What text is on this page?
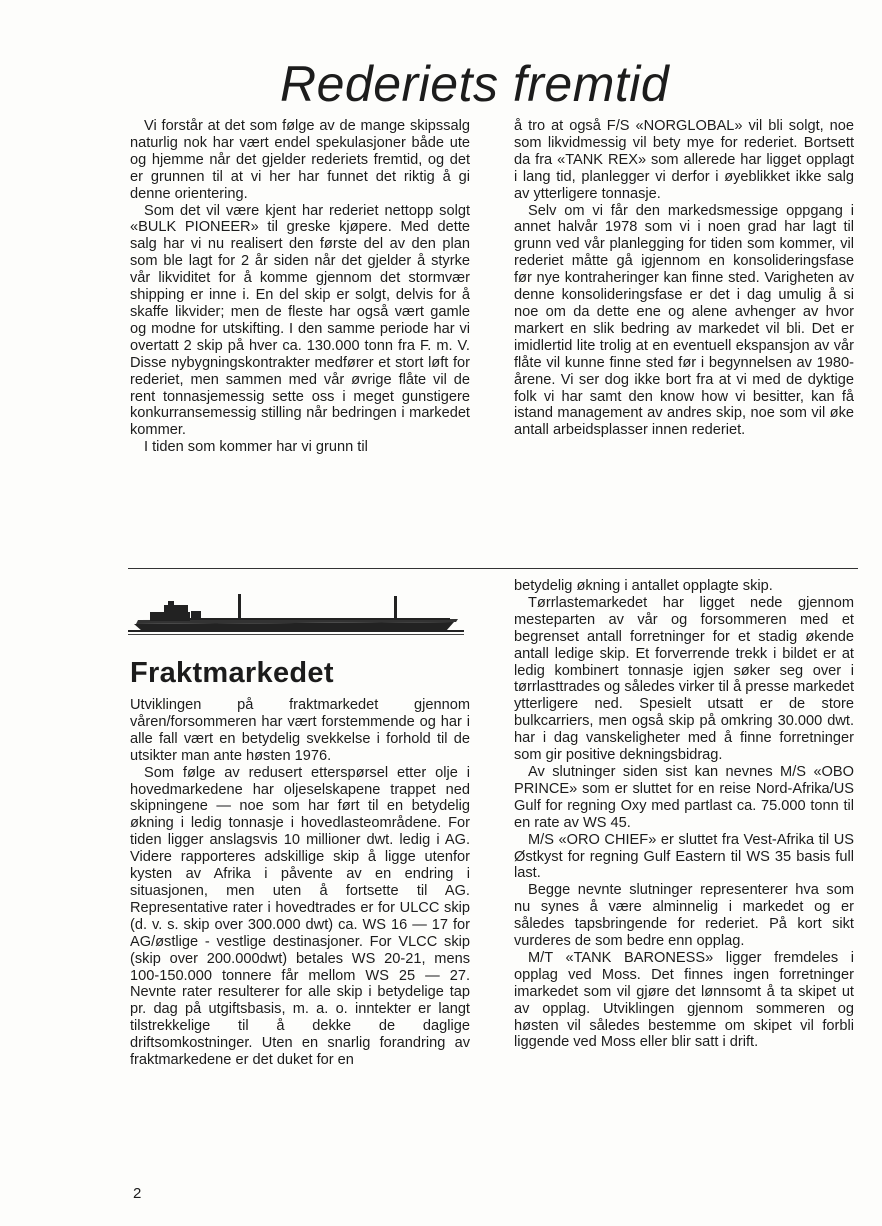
Rederiets fremtid

Vi forstår at det som følge av de mange skipssalg naturlig nok har vært endel spekulasjoner både ute og hjemme når det gjelder rederiets fremtid, og det er grunnen til at vi her har funnet det riktig å gi denne orientering.

Som det vil være kjent har rederiet nettopp solgt «BULK PIONEER» til greske kjøpere. Med dette salg har vi nu realisert den første del av den plan som ble lagt for 2 år siden når det gjelder å styrke vår likviditet for å komme gjennom det stormvær shipping er inne i. En del skip er solgt, delvis for å skaffe likvider; men de fleste har også vært gamle og modne for utskifting. I den samme periode har vi overtatt 2 skip på hver ca. 130.000 tonn fra F. m. V. Disse nybygningskontrakter medfører et stort løft for rederiet, men sammen med vår øvrige flåte vil de rent tonnasjemessig sette oss i meget gunstigere konkurransemessig stilling når bedringen i markedet kommer.

I tiden som kommer har vi grunn til

å tro at også F/S «NORGLOBAL» vil bli solgt, noe som likvidmessig vil bety mye for rederiet. Bortsett da fra «TANK REX» som allerede har ligget opplagt i lang tid, planlegger vi derfor i øyeblikket ikke salg av ytterligere tonnasje.

Selv om vi får den markedsmessige oppgang i annet halvår 1978 som vi i noen grad har lagt til grunn ved vår planlegging for tiden som kommer, vil rederiet måtte gå igjennom en konsolideringsfase før nye kontraheringer kan finne sted. Varigheten av denne konsolideringsfase er det i dag umulig å si noe om da dette ene og alene avhenger av hvor markert en slik bedring av markedet vil bli. Det er imidlertid lite trolig at en eventuell ekspansjon av vår flåte vil kunne finne sted før i begynnelsen av 1980-årene. Vi ser dog ikke bort fra at vi med de dyktige folk vi har samt den know how vi besitter, kan få istand management av andres skip, noe som vil øke antall arbeidsplasser innen rederiet.

Fraktmarkedet

Utviklingen på fraktmarkedet gjennom våren/forsommeren har vært forstemmende og har i alle fall vært en betydelig svekkelse i forhold til de utsikter man ante høsten 1976.

Som følge av redusert etterspørsel etter olje i hovedmarkedene har oljeselskapene trappet ned skipningene — noe som har ført til en betydelig økning i ledig tonnasje i hovedlasteområdene. For tiden ligger anslagsvis 10 millioner dwt. ledig i AG. Videre rapporteres adskillige skip å ligge utenfor kysten av Afrika i påvente av en endring i situasjonen, men uten å fortsette til AG. Representative rater i hovedtrades er for ULCC skip (d. v. s. skip over 300.000 dwt) ca. WS 16 — 17 for AG/østlige - vestlige destinasjoner. For VLCC skip (skip over 200.000dwt) betales WS 20-21, mens 100-150.000 tonnere får mellom WS 25 — 27. Nevnte rater resulterer for alle skip i betydelige tap pr. dag på utgiftsbasis, m. a. o. inntekter er langt tilstrekkelige til å dekke de daglige driftsomkostninger. Uten en snarlig forandring av fraktmarkedene er det duket for en

betydelig økning i antallet opplagte skip.

Tørrlastemarkedet har ligget nede gjennom mesteparten av vår og forsommeren med et begrenset antall forretninger for et stadig økende antall ledige skip. Et forverrende trekk i bildet er at ledig kombinert tonnasje igjen søker seg over i tørrlasttrades og således virker til å presse markedet ytterligere ned. Spesielt utsatt er de store bulkcarriers, men også skip på omkring 30.000 dwt. har i dag vanskeligheter med å finne forretninger som gir positive dekningsbidrag.

Av slutninger siden sist kan nevnes M/S «OBO PRINCE» som er sluttet for en reise Nord-Afrika/US Gulf for regning Oxy med partlast ca. 75.000 tonn til en rate av WS 45.

M/S «ORO CHIEF» er sluttet fra Vest-Afrika til US Østkyst for regning Gulf Eastern til WS 35 basis full last.

Begge nevnte slutninger representerer hva som nu synes å være alminnelig i markedet og er således tapsbringende for rederiet. På kort sikt vurderes de som bedre enn opplag.

M/T «TANK BARONESS» ligger fremdeles i opplag ved Moss. Det finnes ingen forretninger imarkedet som vil gjøre det lønnsomt å ta skipet ut av opplag. Utviklingen gjennom sommeren og høsten vil således bestemme om skipet vil forbli liggende ved Moss eller blir satt i drift.

2
